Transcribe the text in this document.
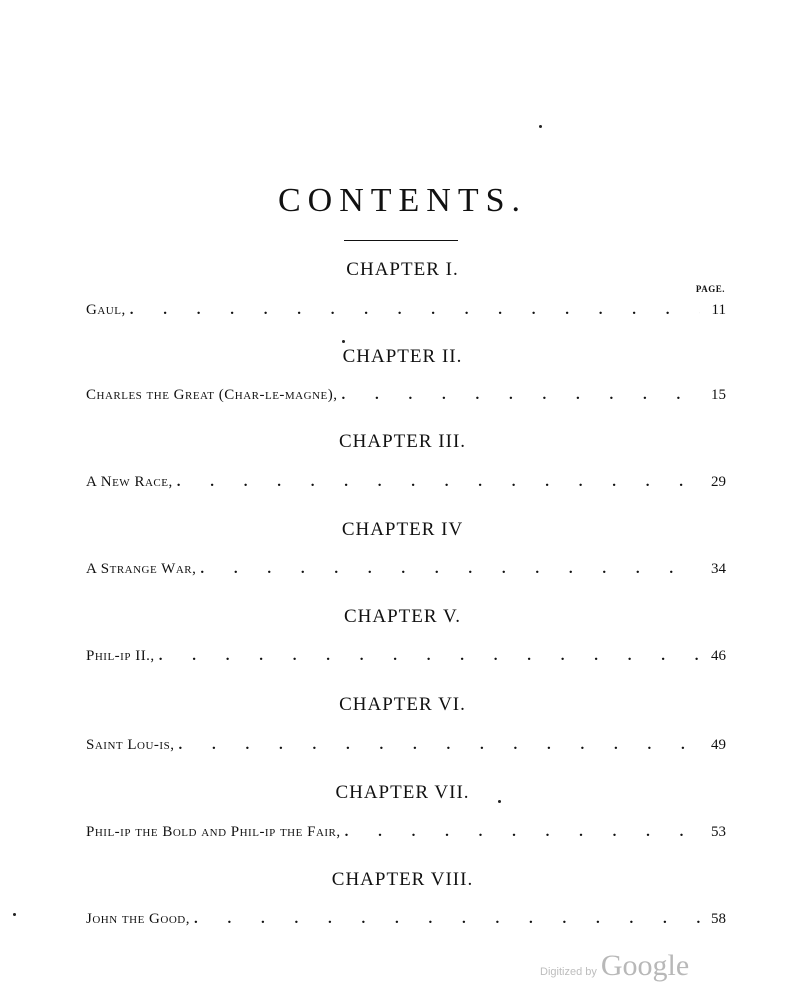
CONTENTS.
PAGE.
CHAPTER I.
Gaul, . . .	11
CHAPTER II.
Charles the Great (Char-le-magne), . . .	15
CHAPTER III.
A New Race, . . .	29
CHAPTER IV
A Strange War, . . .	34
CHAPTER V.
Phil-ip II., . . .	46
CHAPTER VI.
Saint Lou-is, . . .	49
CHAPTER VII.
Phil-ip the Bold and Phil-ip the Fair, . . .	53
CHAPTER VIII.
John the Good, . . .	58
Digitized by Google
